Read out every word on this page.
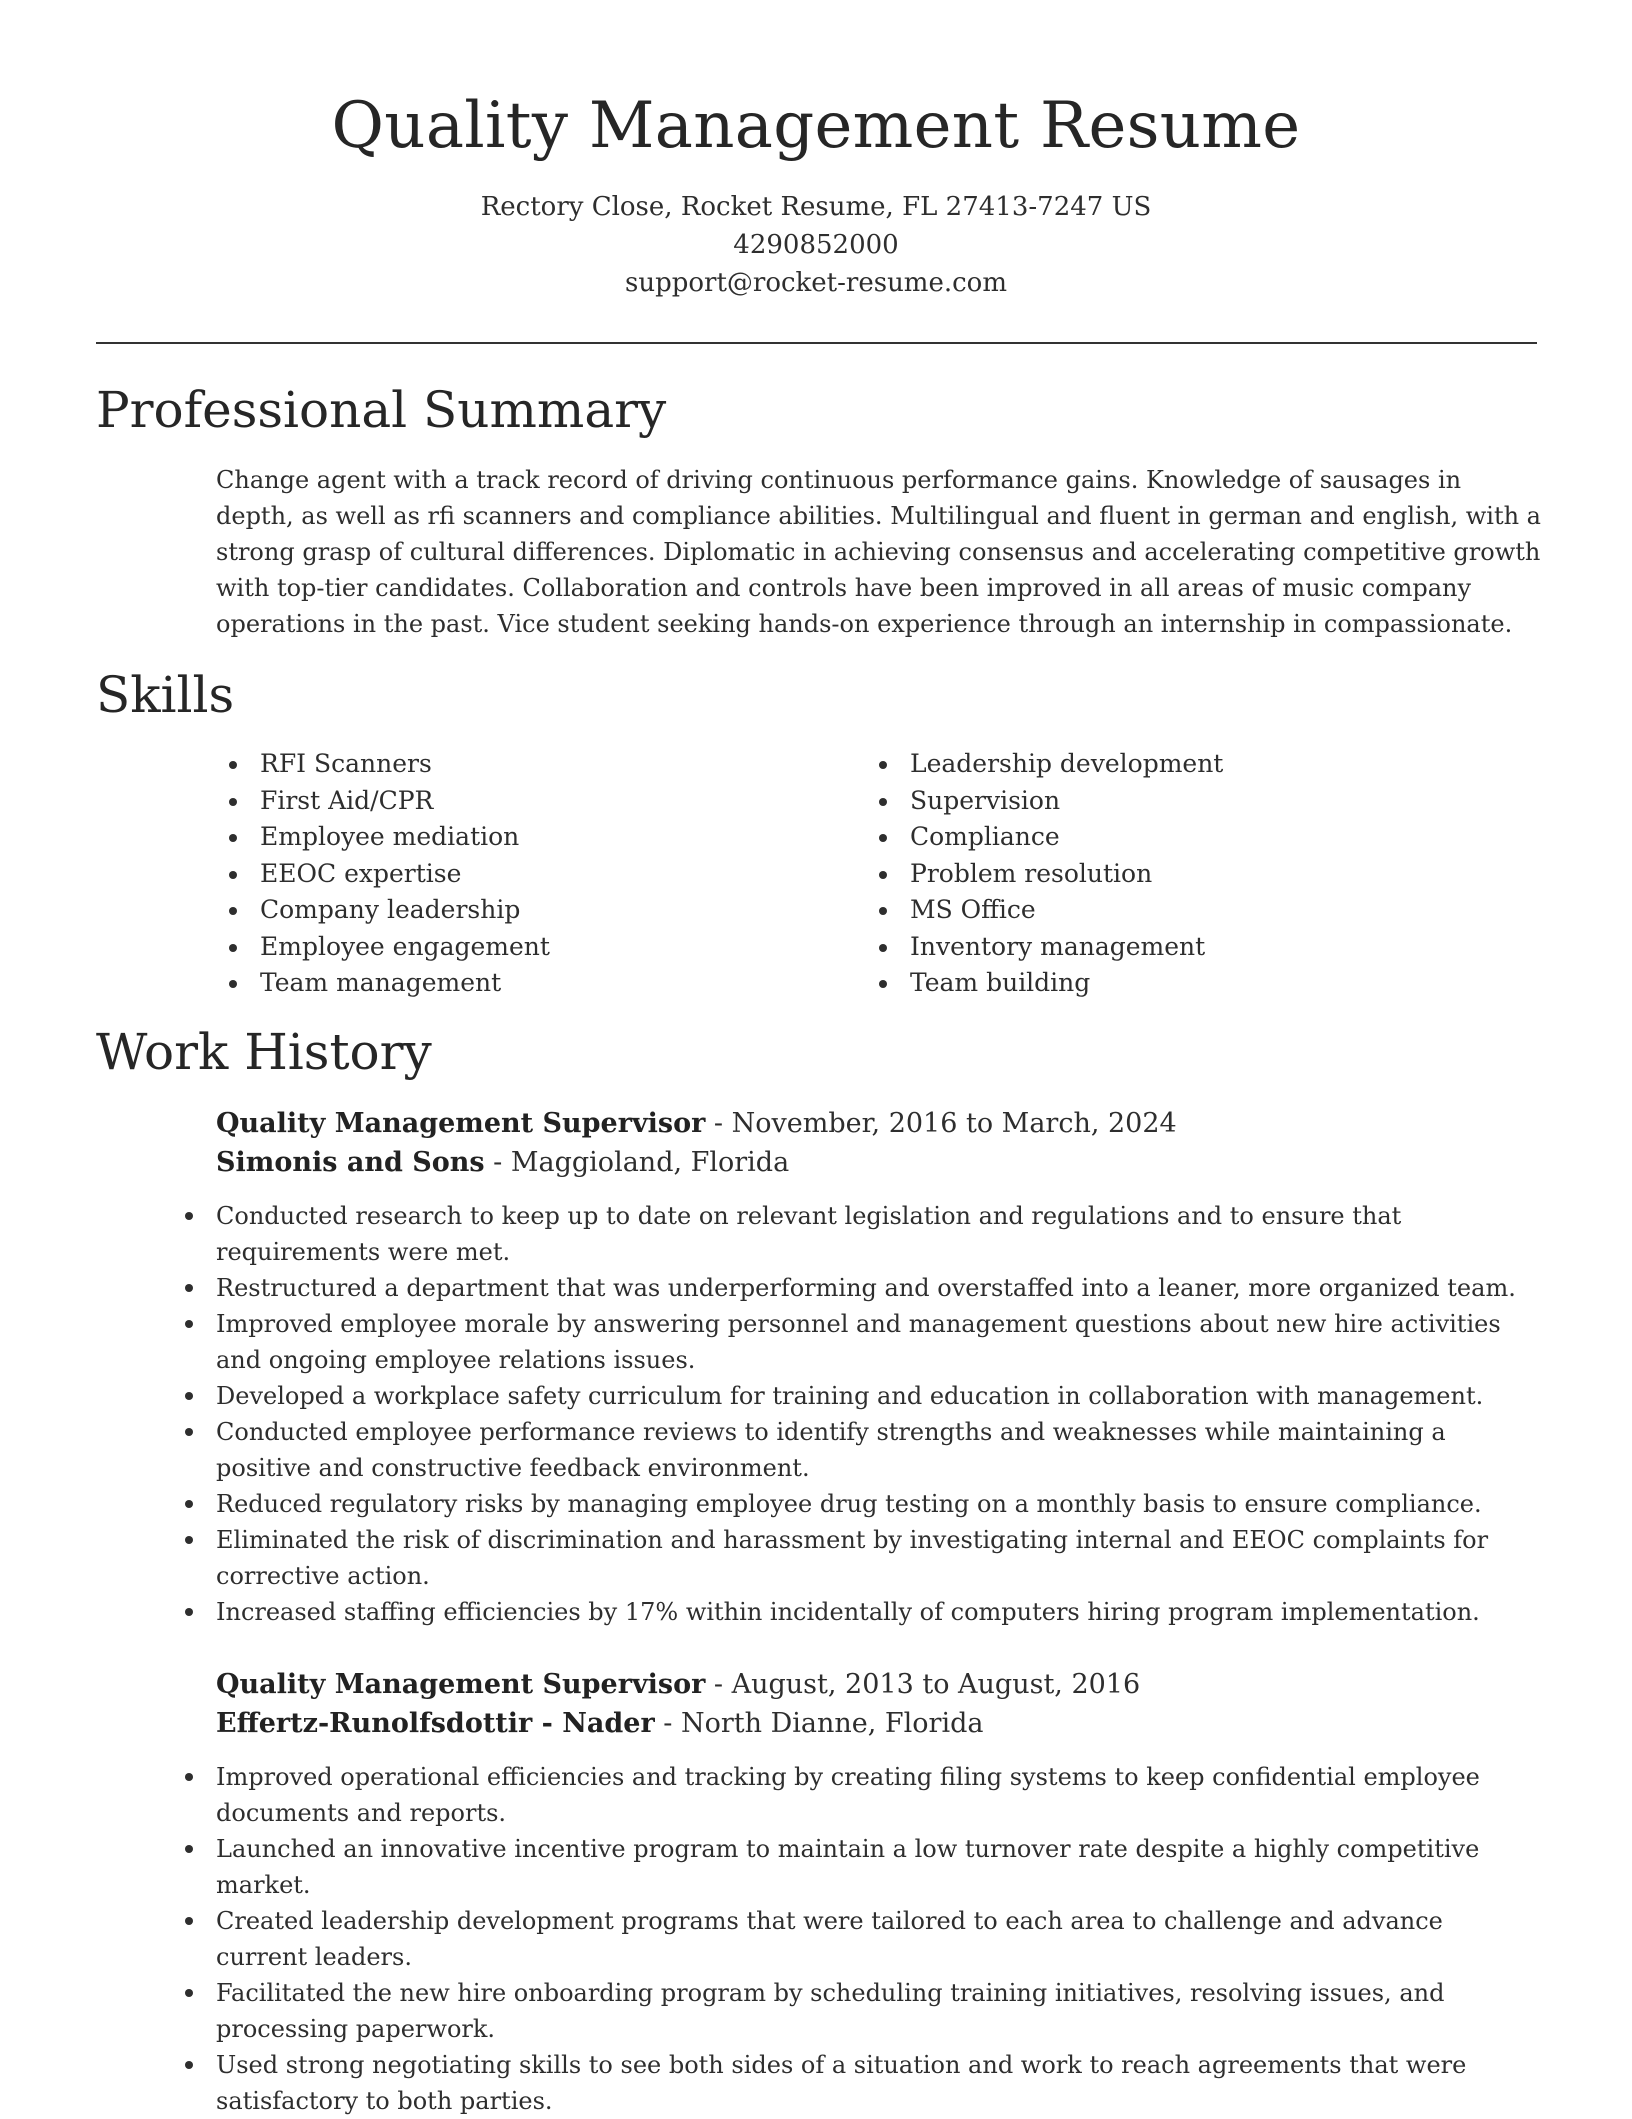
Quality Management Resume
Rectory Close, Rocket Resume, FL 27413-7247 US
4290852000
support@rocket-resume.com
Professional Summary

Change agent with a track record of driving continuous performance gains. Knowledge of sausages in depth, as well as rfi scanners and compliance abilities. Multilingual and fluent in german and english, with a strong grasp of cultural differences. Diplomatic in achieving consensus and accelerating competitive growth with top-tier candidates. Collaboration and controls have been improved in all areas of music company operations in the past. Vice student seeking hands-on experience through an internship in compassionate.

Skills
RFI Scanners
First Aid/CPR
Employee mediation
EEOC expertise
Company leadership
Employee engagement
Team management
Leadership development
Supervision
Compliance
Problem resolution
MS Office
Inventory management
Team building
Work History
Quality Management Supervisor - November, 2016 to March, 2024
Simonis and Sons - Maggioland, Florida
Conducted research to keep up to date on relevant legislation and regulations and to ensure that requirements were met.
Restructured a department that was underperforming and overstaffed into a leaner, more organized team.
Improved employee morale by answering personnel and management questions about new hire activities and ongoing employee relations issues.
Developed a workplace safety curriculum for training and education in collaboration with management.
Conducted employee performance reviews to identify strengths and weaknesses while maintaining a positive and constructive feedback environment.
Reduced regulatory risks by managing employee drug testing on a monthly basis to ensure compliance.
Eliminated the risk of discrimination and harassment by investigating internal and EEOC complaints for corrective action.
Increased staffing efficiencies by 17% within incidentally of computers hiring program implementation.
Quality Management Supervisor - August, 2013 to August, 2016
Effertz-Runolfsdottir - Nader - North Dianne, Florida
Improved operational efficiencies and tracking by creating filing systems to keep confidential employee documents and reports.
Launched an innovative incentive program to maintain a low turnover rate despite a highly competitive market.
Created leadership development programs that were tailored to each area to challenge and advance current leaders.
Facilitated the new hire onboarding program by scheduling training initiatives, resolving issues, and processing paperwork.
Used strong negotiating skills to see both sides of a situation and work to reach agreements that were satisfactory to both parties.
